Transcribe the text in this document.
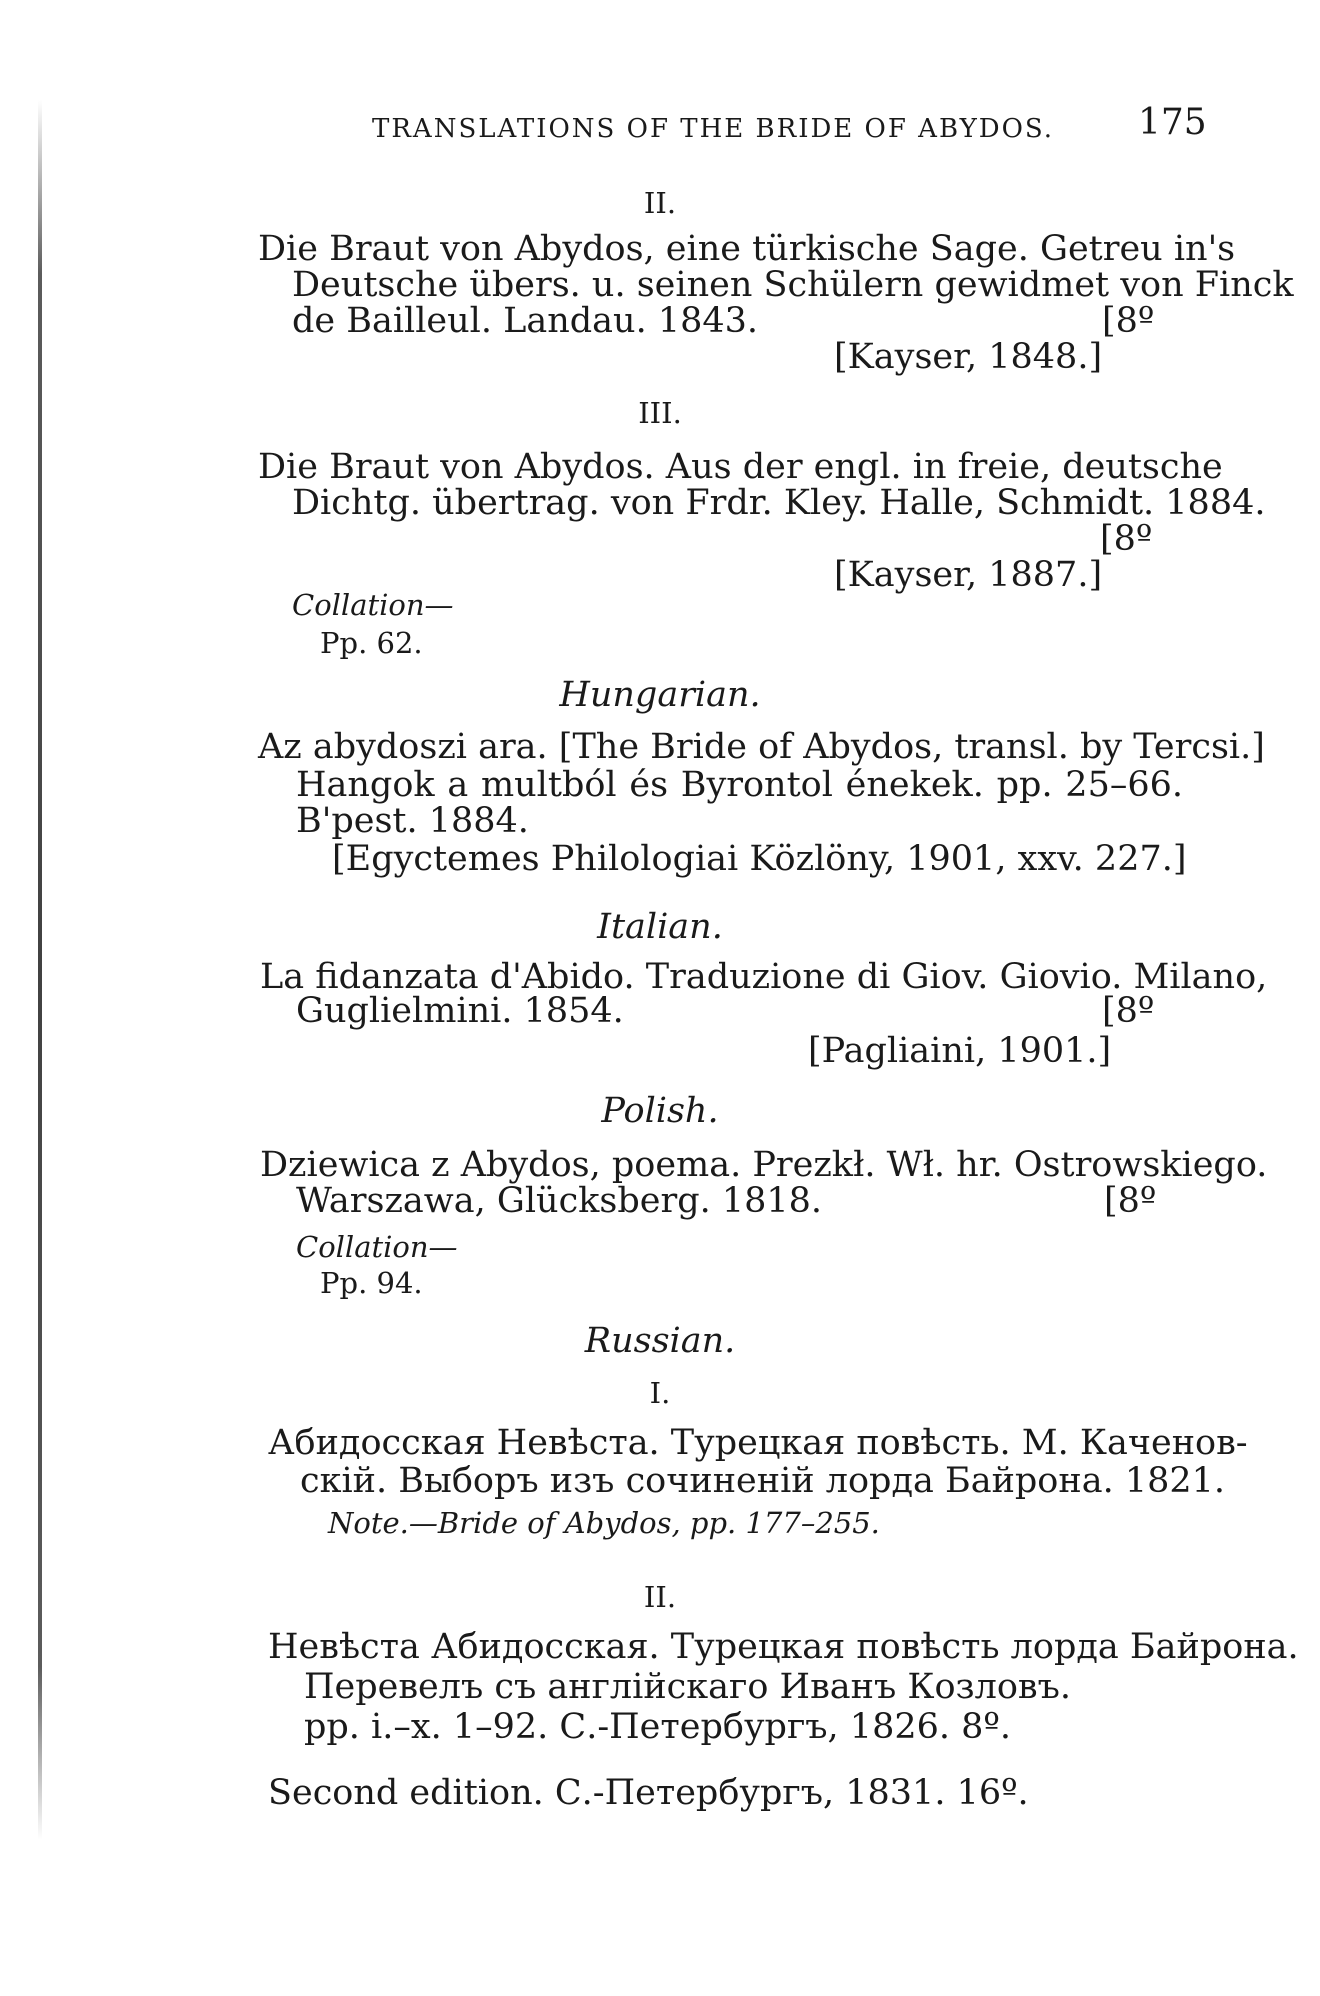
TRANSLATIONS OF THE BRIDE OF ABYDOS. 175
II.
Die Braut von Abydos, eine türkische Sage. Getreu in's
Deutsche übers. u. seinen Schülern gewidmet von Finck
de Bailleul. Landau. 1843.	[8º
[Kayser, 1848.]
III.
Die Braut von Abydos. Aus der engl. in freie, deutsche
Dichtg. übertrag. von Frdr. Kley. Halle, Schmidt. 1884.
[8º
[Kayser, 1887.]
Collation—
Pp. 62.
Hungarian.
Az abydoszi ara. [The Bride of Abydos, transl. by Tercsi.]
Hangok a multból és Byrontol énekek. pp. 25–66.
B'pest. 1884.
[Egyctemes Philologiai Közlöny, 1901, xxv. 227.]
Italian.
La fidanzata d'Abido. Traduzione di Giov. Giovio. Milano,
Guglielmini. 1854.	[8º
[Pagliaini, 1901.]
Polish.
Dziewica z Abydos, poema. Prezkł. Wł. hr. Ostrowskiego.
Warszawa, Glücksberg. 1818.	[8º
Collation—
Pp. 94.
Russian.
I.
Абидосская Невѣста. Турецкая повѣсть. М. Каченов-
скій. Выборъ изъ сочиненій лорда Байрона. 1821.
Note.—Bride of Abydos, pp. 177–255.
II.
Невѣста Абидосская. Турецкая повѣсть лорда Байрона.
Перевелъ съ англійскаго Иванъ Козловъ.
pp. i.–x. 1–92. С.-Петербургъ, 1826. 8º.
Second edition. С.-Петербургъ, 1831. 16º.
